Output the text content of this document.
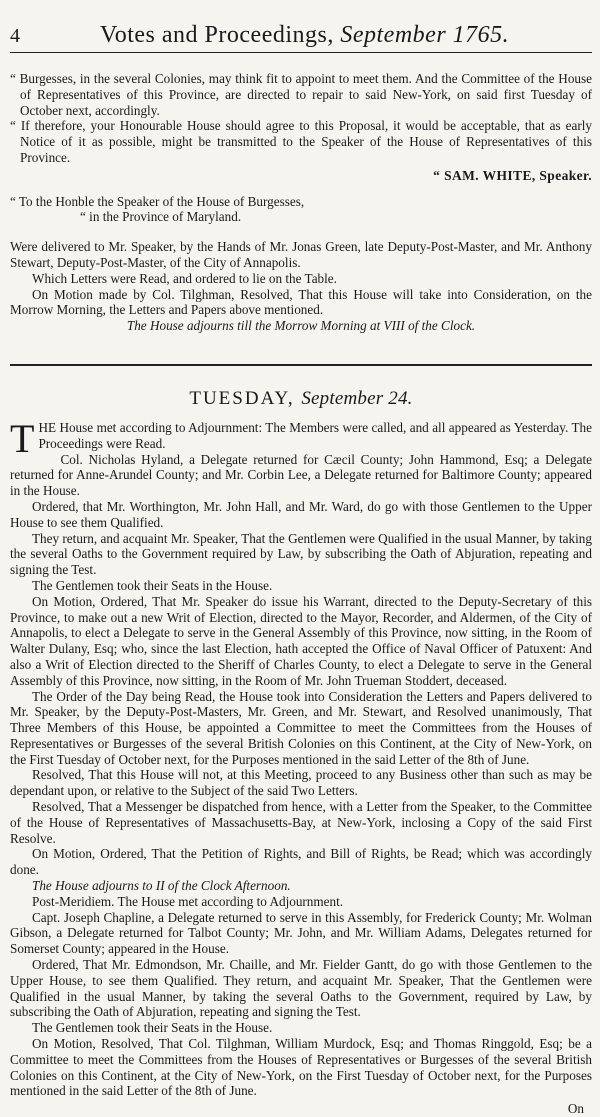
4	Votes and Proceedings, September 1765.

“ Burgesses, in the several Colonies, may think fit to appoint to meet them. And the Committee of the House of Representatives of this Province, are directed to repair to said New-York, on said first Tuesday of October next, accordingly.

“ If therefore, your Honourable House should agree to this Proposal, it would be acceptable, that as early Notice of it as possible, might be transmitted to the Speaker of the House of Representatives of this Province.

“ SAM. WHITE, Speaker.

“ To the Honble the Speaker of the House of Burgesses,

“ in the Province of Maryland.

Were delivered to Mr. Speaker, by the Hands of Mr. Jonas Green, late Deputy-Post-Master, and Mr. Anthony Stewart, Deputy-Post-Master, of the City of Annapolis.

Which Letters were Read, and ordered to lie on the Table.

On Motion made by Col. Tilghman, Resolved, That this House will take into Consideration, on the Morrow Morning, the Letters and Papers above mentioned.

The House adjourns till the Morrow Morning at VIII of the Clock.

TUESDAY, September 24.

THE House met according to Adjournment: The Members were called, and all appeared as Yesterday. The Proceedings were Read.

Col. Nicholas Hyland, a Delegate returned for Cæcil County; John Hammond, Esq; a Delegate returned for Anne-Arundel County; and Mr. Corbin Lee, a Delegate returned for Baltimore County; appeared in the House.

Ordered, that Mr. Worthington, Mr. John Hall, and Mr. Ward, do go with those Gentlemen to the Upper House to see them Qualified.

They return, and acquaint Mr. Speaker, That the Gentlemen were Qualified in the usual Manner, by taking the several Oaths to the Government required by Law, by subscribing the Oath of Abjuration, repeating and signing the Test.

The Gentlemen took their Seats in the House.

On Motion, Ordered, That Mr. Speaker do issue his Warrant, directed to the Deputy-Secretary of this Province, to make out a new Writ of Election, directed to the Mayor, Recorder, and Aldermen, of the City of Annapolis, to elect a Delegate to serve in the General Assembly of this Province, now sitting, in the Room of Walter Dulany, Esq; who, since the last Election, hath accepted the Office of Naval Officer of Patuxent: And also a Writ of Election directed to the Sheriff of Charles County, to elect a Delegate to serve in the General Assembly of this Province, now sitting, in the Room of Mr. John Trueman Stoddert, deceased.

The Order of the Day being Read, the House took into Consideration the Letters and Papers delivered to Mr. Speaker, by the Deputy-Post-Masters, Mr. Green, and Mr. Stewart, and Resolved unanimously, That Three Members of this House, be appointed a Committee to meet the Committees from the Houses of Representatives or Burgesses of the several British Colonies on this Continent, at the City of New-York, on the First Tuesday of October next, for the Purposes mentioned in the said Letter of the 8th of June.

Resolved, That this House will not, at this Meeting, proceed to any Business other than such as may be dependant upon, or relative to the Subject of the said Two Letters.

Resolved, That a Messenger be dispatched from hence, with a Letter from the Speaker, to the Committee of the House of Representatives of Massachusetts-Bay, at New-York, inclosing a Copy of the said First Resolve.

On Motion, Ordered, That the Petition of Rights, and Bill of Rights, be Read; which was accordingly done.

The House adjourns to II of the Clock Afternoon.

Post-Meridiem. The House met according to Adjournment.

Capt. Joseph Chapline, a Delegate returned to serve in this Assembly, for Frederick County; Mr. Wolman Gibson, a Delegate returned for Talbot County; Mr. John, and Mr. William Adams, Delegates returned for Somerset County; appeared in the House.

Ordered, That Mr. Edmondson, Mr. Chaille, and Mr. Fielder Gantt, do go with those Gentlemen to the Upper House, to see them Qualified. They return, and acquaint Mr. Speaker, That the Gentlemen were Qualified in the usual Manner, by taking the several Oaths to the Government, required by Law, by subscribing the Oath of Abjuration, repeating and signing the Test.

The Gentlemen took their Seats in the House.

On Motion, Resolved, That Col. Tilghman, William Murdock, Esq; and Thomas Ringgold, Esq; be a Committee to meet the Committees from the Houses of Representatives or Burgesses of the several British Colonies on this Continent, at the City of New-York, on the First Tuesday of October next, for the Purposes mentioned in the said Letter of the 8th of June.

On
